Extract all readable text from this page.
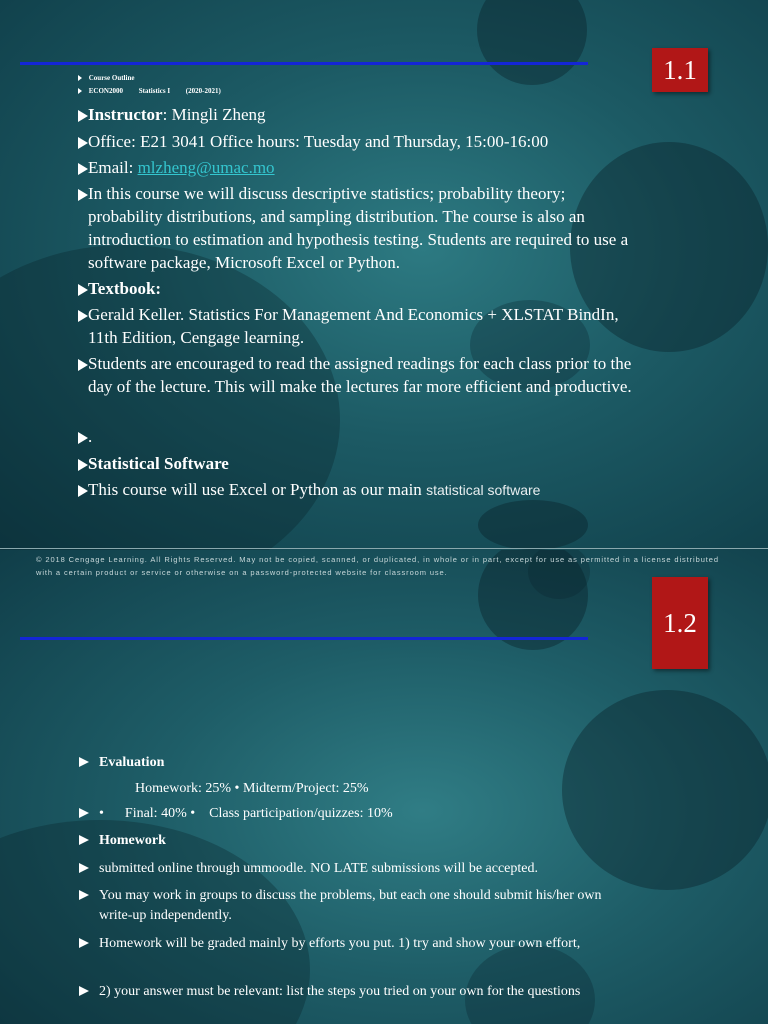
1.1
Course Outline
ECON2000 Statistics I (2020-2021)
Instructor: Mingli Zheng
Office: E21 3041 Office hours: Tuesday and Thursday, 15:00-16:00
Email: mlzheng@umac.mo
In this course we will discuss descriptive statistics; probability theory; probability distributions, and sampling distribution. The course is also an introduction to estimation and hypothesis testing. Students are required to use a software package, Microsoft Excel or Python.
Textbook:
Gerald Keller. Statistics For Management And Economics + XLSTAT BindIn, 11th Edition, Cengage learning.
Students are encouraged to read the assigned readings for each class prior to the day of the lecture. This will make the lectures far more efficient and productive.
.
Statistical Software
This course will use Excel or Python as our main statistical software
© 2018 Cengage Learning. All Rights Reserved. May not be copied, scanned, or duplicated, in whole or in part, except for use as permitted in a license distributed with a certain product or service or otherwise on a password-protected website for classroom use.
1.2
Evaluation
Homework: 25% • Midterm/Project: 25%
•      Final: 40% •    Class participation/quizzes: 10%
Homework
submitted online through ummoodle. NO LATE submissions will be accepted.
You may work in groups to discuss the problems, but each one should submit his/her own write-up independently.
Homework will be graded mainly by efforts you put. 1) try and show your own effort,
2) your answer must be relevant: list the steps you tried on your own for the questions
